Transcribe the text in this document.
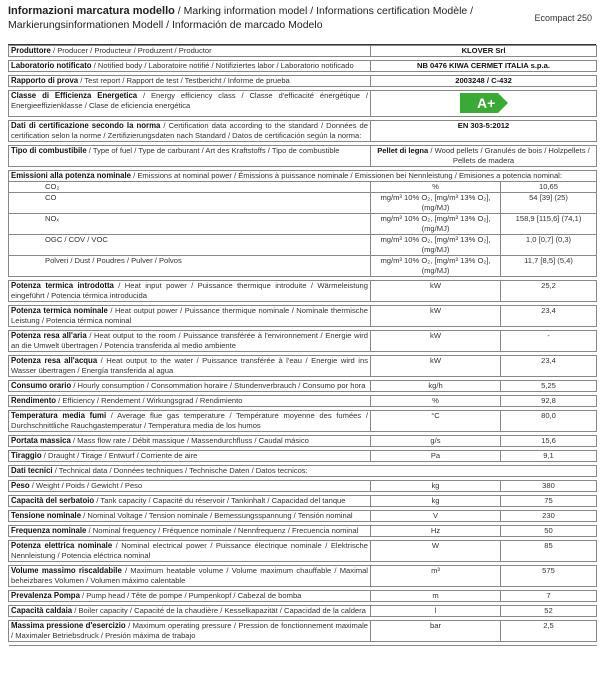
Informazioni marcatura modello / Marking information model / Informations certification Modèle / Markierungsinformationen Modell / Información de marcado Modelo
Ecompact 250
Produttore / Producer / Producteur / Produzent / Productor	KLOVER Srl	

Laboratorio notificato / Notified body / Laboratoire notifié / Notifiziertes labor / Laboratorio notificado	NB 0476 KIWA CERMET ITALIA s.p.a.	

Rapporto di prova / Test report / Rapport de test / Testbericht / Informe de prueba	2003248 / C-432	

Classe di Efficienza Energetica / Energy efficiency class / Classe d'efficacité énergétique / Energieeffizienklasse / Clase de eficiencia energética	A+	

Dati di certificazione secondo la norma / Certification data according to the standard / Données de certification selon la norme / Zertifizierungsdaten nach Standard / Datos de certificación según la norma:	EN 303-5:2012	

Tipo di combustibile / Type of fuel / Type de carburant / Art des Kraftstoffs / Tipo de combustible	Pellet di legna / Wood pellets / Granulés de bois / Holzpellets / Pellets de madera	

Emissioni alla potenza nominale / Emissions at nominal power / Émissions à puissance nominale / Emissionen bei Nennleistung / Emisiones a potencia nominal:		
CO₂	%	10,65
CO	mg/m³ 10% O₂, [mg/m³ 13% O₂], (mg/MJ)	54 [39] (25)
NOₓ	mg/m³ 10% O₂, [mg/m³ 13% O₂], (mg/MJ)	158,9 [115,6] (74,1)
OGC / COV / VOC	mg/m³ 10% O₂, [mg/m³ 13% O₂], (mg/MJ)	1,0 [0,7] (0,3)
Polveri / Dust / Poudres / Pulver / Polvos	mg/m³ 10% O₂, [mg/m³ 13% O₂], (mg/MJ)	11,7 [8,5] (5,4)

Potenza termica introdotta / Heat input power / Puissance thermique introduite / Wärmeleistung eingeführt / Potencia térmica introducida	kW	25,2

Potenza termica nominale / Heat output power / Puissance thermique nominale / Nominale thermische Leistung / Potencia térmica nominal	kW	23,4

Potenza resa all'aria / Heat output to the room / Puissance transférée à l'environnement / Energie wird an die Umwelt übertragen / Potencia transferida al medio ambiente	kW	-

Potenza resa all'acqua / Heat output to the water / Puissance transférée à l'eau / Energie wird ins Wasser übertragen / Energía transferida al agua	kW	23,4

Consumo orario / Hourly consumption / Consommation horaire / Stundenverbrauch / Consumo por hora	kg/h	5,25

Rendimento / Efficiency / Rendement / Wirkungsgrad / Rendimiento	%	92,8

Temperatura media fumi / Average flue gas temperature / Température moyenne des fumées / Durchschnittliche Rauchgastemperatur / Temperatura media de los humos	°C	80,0

Portata massica / Mass flow rate / Débit massique / Massendurchfluss / Caudal másico	g/s	15,6

Tiraggio / Draught / Tirage / Entwurf / Corriente de aire	Pa	9,1

Dati tecnici / Technical data / Données techniques / Technische Daten / Datos tecnicos:		

Peso / Weight / Poids / Gewicht / Peso	kg	380

Capacità del serbatoio / Tank capacity / Capacité du réservoir / Tankinhalt / Capacidad del tanque	kg	75

Tensione nominale / Nominal Voltage / Tension nominale / Bemessungsspannung / Tensión nominal	V	230

Frequenza nominale / Nominal frequency / Fréquence nominale / Nennfrequenz / Frecuencia nominal	Hz	50

Potenza elettrica nominale / Nominal electrical power / Puissance électrique nominale / Elektrische Nennleistung / Potencia eléctrica nominal	W	85

Volume massimo riscaldabile / Maximum heatable volume / Volume maximum chauffable / Maximal beheizbares Volumen / Volumen máximo calentable	m³	575

Prevalenza Pompa / Pump head / Tête de pompe / Pumpenkopf / Cabezal de bomba	m	7

Capacità caldaia / Boiler capacity / Capacité de la chaudière / Kesselkapazität / Capacidad de la caldera	l	52

Massima pressione d'esercizio / Maximum operating pressure / Pression de fonctionnement maximale / Maximaler Betriebsdruck / Presión máxima de trabajo	bar	2,5
